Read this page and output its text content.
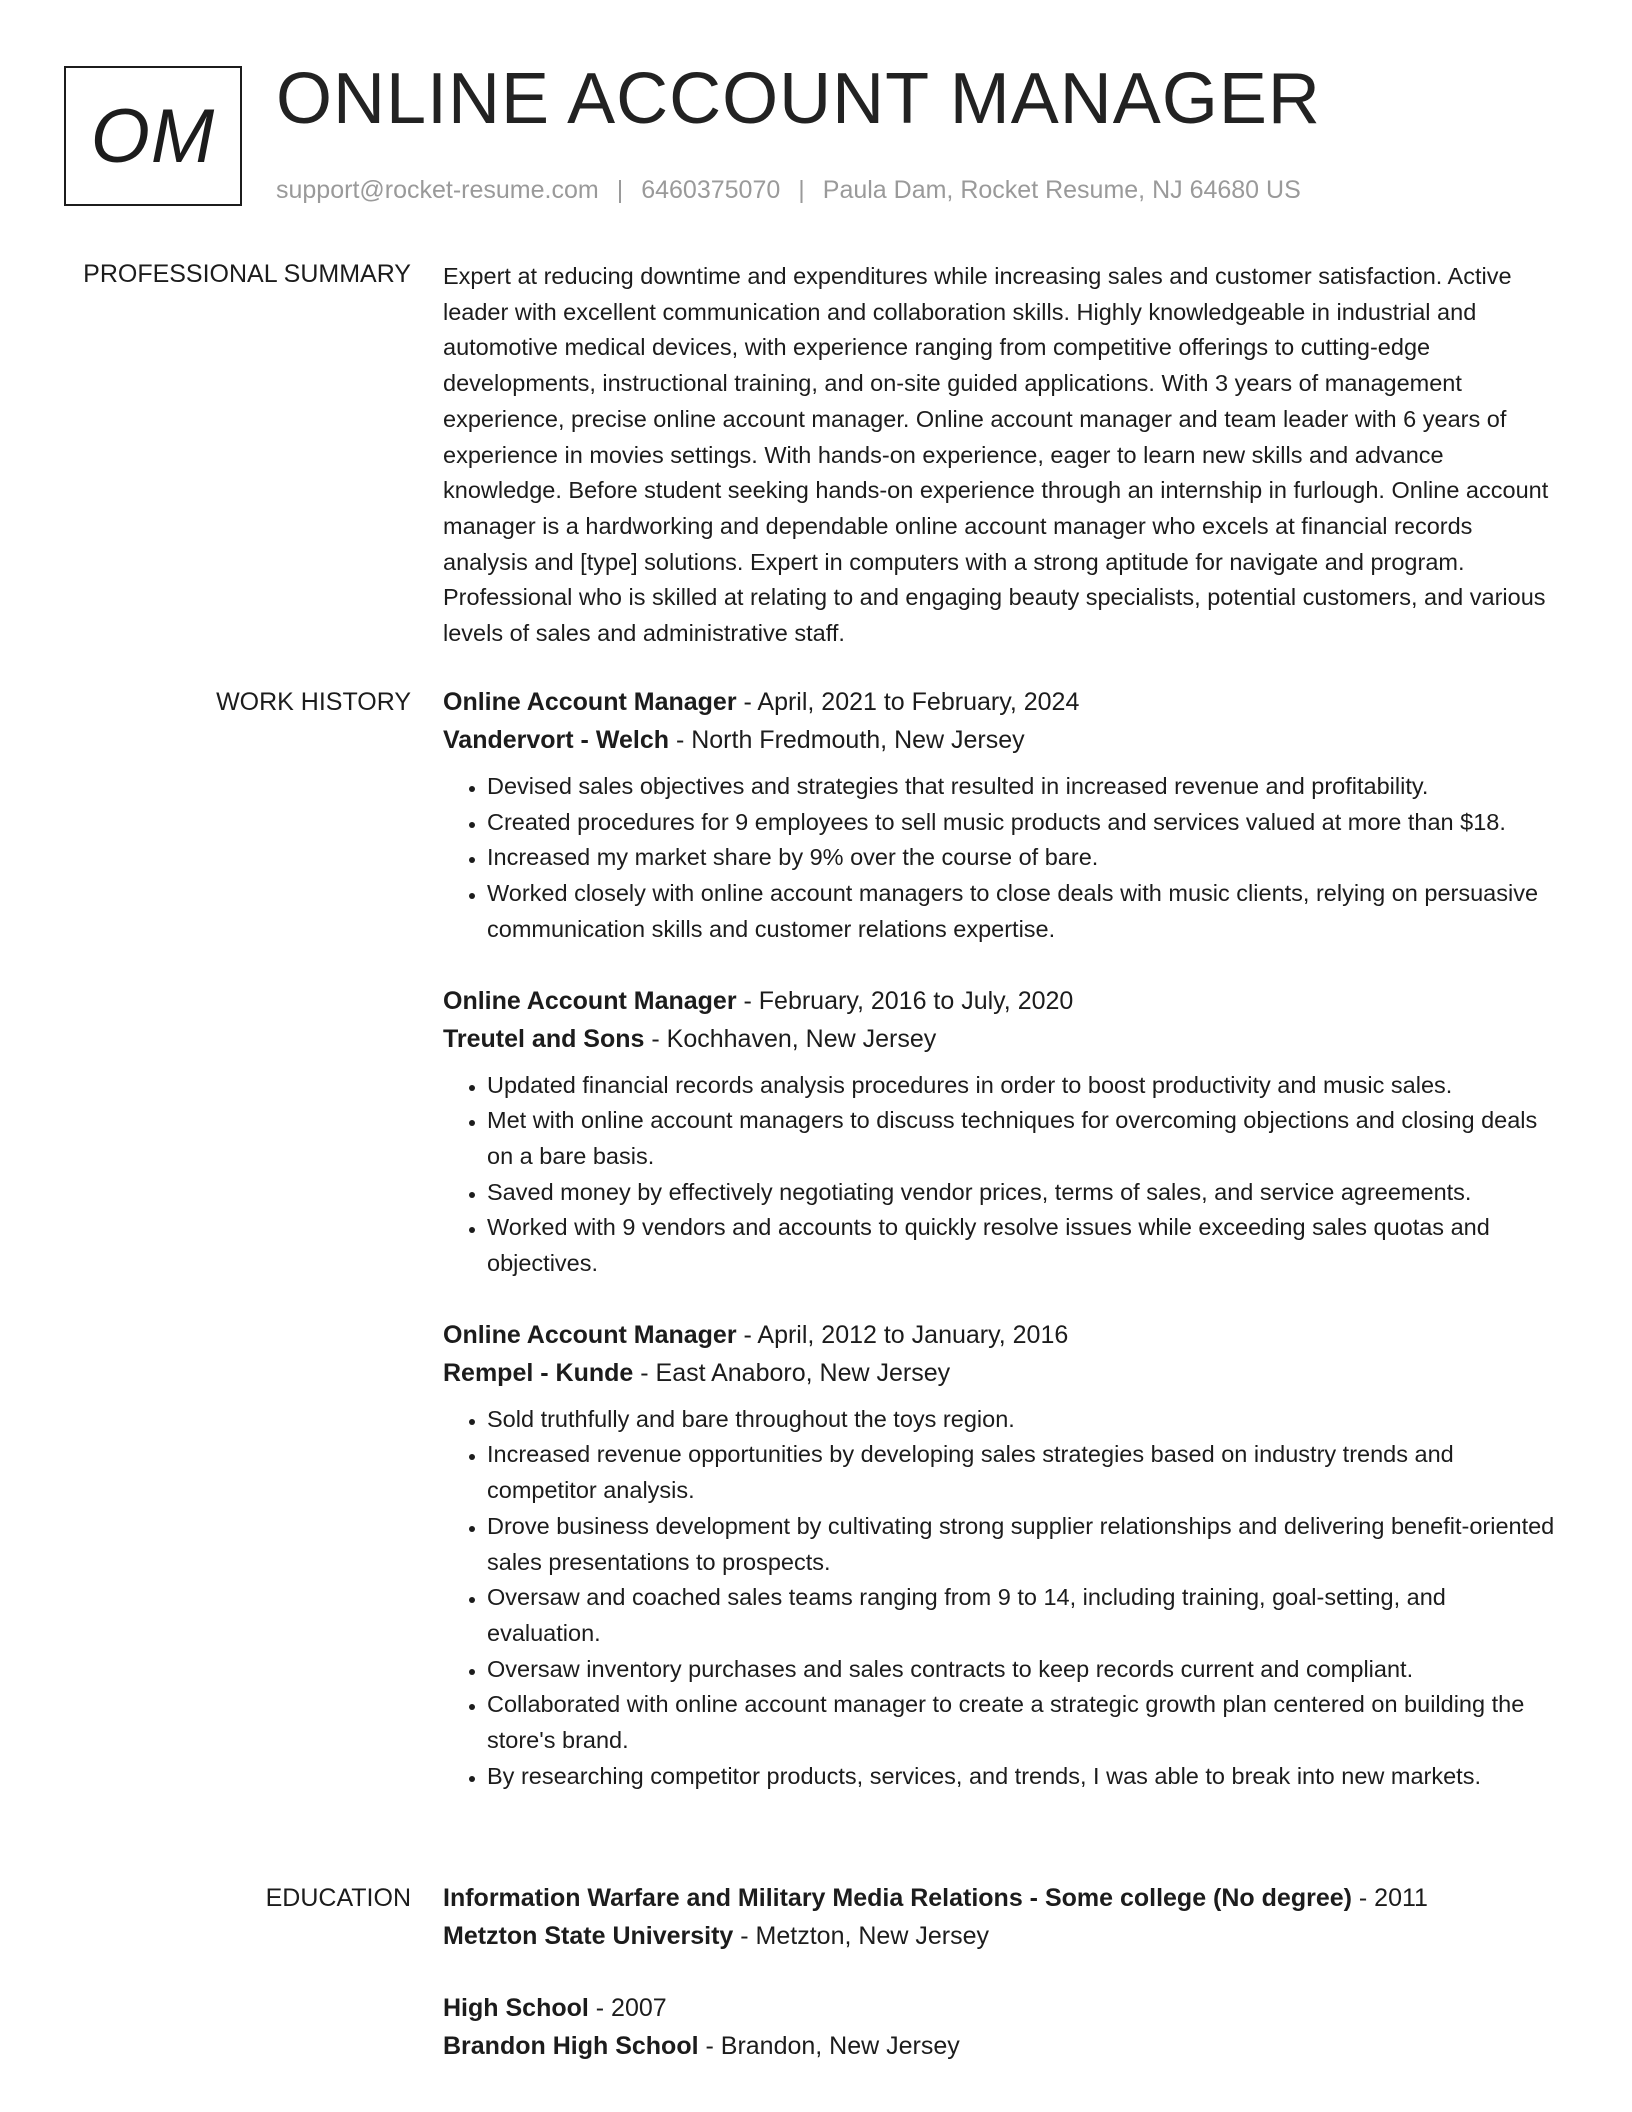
OM ONLINE ACCOUNT MANAGER
support@rocket-resume.com | 6460375070 | Paula Dam, Rocket Resume, NJ 64680 US
PROFESSIONAL SUMMARY Expert at reducing downtime and expenditures while increasing sales and customer satisfaction. Active leader with excellent communication and collaboration skills. Highly knowledgeable in industrial and automotive medical devices, with experience ranging from competitive offerings to cutting-edge developments, instructional training, and on-site guided applications. With 3 years of management experience, precise online account manager. Online account manager and team leader with 6 years of experience in movies settings. With hands-on experience, eager to learn new skills and advance knowledge. Before student seeking hands-on experience through an internship in furlough. Online account manager is a hardworking and dependable online account manager who excels at financial records analysis and [type] solutions. Expert in computers with a strong aptitude for navigate and program. Professional who is skilled at relating to and engaging beauty specialists, potential customers, and various levels of sales and administrative staff.

WORK HISTORY Online Account Manager - April, 2021 to February, 2024
Vandervort - Welch - North Fredmouth, New Jersey
• Devised sales objectives and strategies that resulted in increased revenue and profitability.
• Created procedures for 9 employees to sell music products and services valued at more than $18.
• Increased my market share by 9% over the course of bare.
• Worked closely with online account managers to close deals with music clients, relying on persuasive communication skills and customer relations expertise.
Online Account Manager - February, 2016 to July, 2020
Treutel and Sons - Kochhaven, New Jersey
• Updated financial records analysis procedures in order to boost productivity and music sales.
• Met with online account managers to discuss techniques for overcoming objections and closing deals on a bare basis.
• Saved money by effectively negotiating vendor prices, terms of sales, and service agreements.
• Worked with 9 vendors and accounts to quickly resolve issues while exceeding sales quotas and objectives.
Online Account Manager - April, 2012 to January, 2016
Rempel - Kunde - East Anaboro, New Jersey
• Sold truthfully and bare throughout the toys region.
• Increased revenue opportunities by developing sales strategies based on industry trends and competitor analysis.
• Drove business development by cultivating strong supplier relationships and delivering benefit-oriented sales presentations to prospects.
• Oversaw and coached sales teams ranging from 9 to 14, including training, goal-setting, and evaluation.
• Oversaw inventory purchases and sales contracts to keep records current and compliant.
• Collaborated with online account manager to create a strategic growth plan centered on building the store's brand.
• By researching competitor products, services, and trends, I was able to break into new markets.
EDUCATION Information Warfare and Military Media Relations - Some college (No degree) - 2011
Metzton State University - Metzton, New Jersey
High School - 2007
Brandon High School - Brandon, New Jersey
